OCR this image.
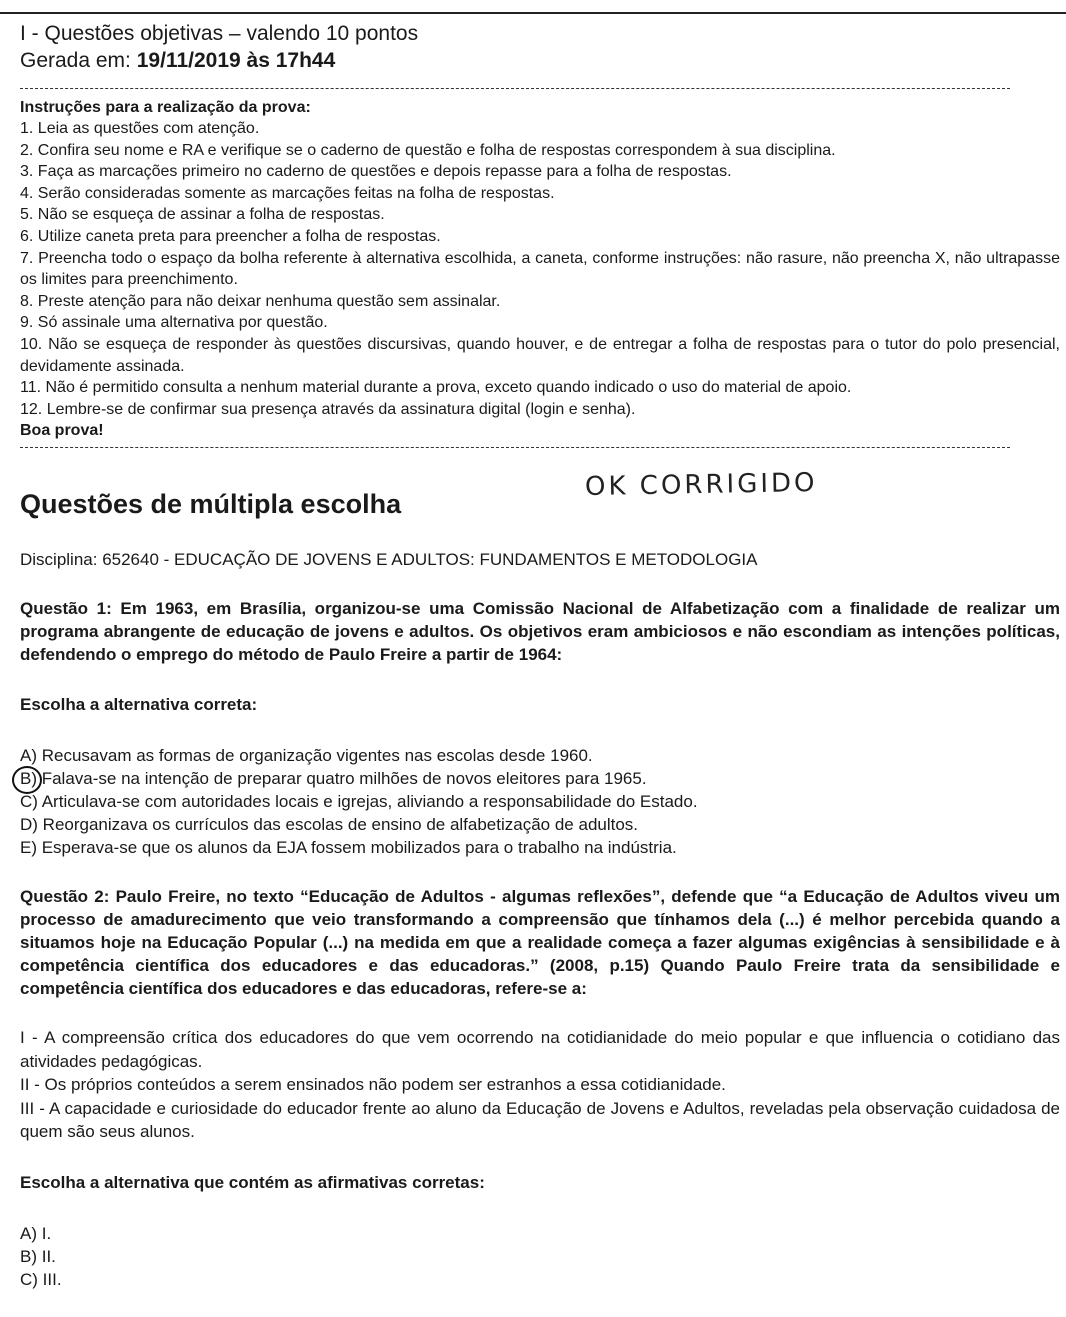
I - Questões objetivas – valendo 10 pontos
Gerada em: 19/11/2019 às 17h44
Instruções para a realização da prova:

1. Leia as questões com atenção.

2. Confira seu nome e RA e verifique se o caderno de questão e folha de respostas correspondem à sua disciplina.

3. Faça as marcações primeiro no caderno de questões e depois repasse para a folha de respostas.

4. Serão consideradas somente as marcações feitas na folha de respostas.

5. Não se esqueça de assinar a folha de respostas.

6. Utilize caneta preta para preencher a folha de respostas.

7. Preencha todo o espaço da bolha referente à alternativa escolhida, a caneta, conforme instruções: não rasure, não preencha X, não ultrapasse os limites para preenchimento.

8. Preste atenção para não deixar nenhuma questão sem assinalar.

9. Só assinale uma alternativa por questão.

10. Não se esqueça de responder às questões discursivas, quando houver, e de entregar a folha de respostas para o tutor do polo presencial, devidamente assinada.

11. Não é permitido consulta a nenhum material durante a prova, exceto quando indicado o uso do material de apoio.

12. Lembre-se de confirmar sua presença através da assinatura digital (login e senha).

Boa prova!
Questões de múltipla escolha
Disciplina: 652640 - EDUCAÇÃO DE JOVENS E ADULTOS: FUNDAMENTOS E METODOLOGIA
Questão 1: Em 1963, em Brasília, organizou-se uma Comissão Nacional de Alfabetização com a finalidade de realizar um programa abrangente de educação de jovens e adultos. Os objetivos eram ambiciosos e não escondiam as intenções políticas, defendendo o emprego do método de Paulo Freire a partir de 1964:
Escolha a alternativa correta:

A) Recusavam as formas de organização vigentes nas escolas desde 1960.

B) Falava-se na intenção de preparar quatro milhões de novos eleitores para 1965.

C) Articulava-se com autoridades locais e igrejas, aliviando a responsabilidade do Estado.

D) Reorganizava os currículos das escolas de ensino de alfabetização de adultos.

E) Esperava-se que os alunos da EJA fossem mobilizados para o trabalho na indústria.

Questão 2: Paulo Freire, no texto “Educação de Adultos - algumas reflexões”, defende que “a Educação de Adultos viveu um processo de amadurecimento que veio transformando a compreensão que tínhamos dela (...) é melhor percebida quando a situamos hoje na Educação Popular (...) na medida em que a realidade começa a fazer algumas exigências à sensibilidade e à competência científica dos educadores e das educadoras.” (2008, p.15) Quando Paulo Freire trata da sensibilidade e competência científica dos educadores e das educadoras, refere-se a:

I - A compreensão crítica dos educadores do que vem ocorrendo na cotidianidade do meio popular e que influencia o cotidiano das atividades pedagógicas.

II - Os próprios conteúdos a serem ensinados não podem ser estranhos a essa cotidianidade.

III - A capacidade e curiosidade do educador frente ao aluno da Educação de Jovens e Adultos, reveladas pela observação cuidadosa de quem são seus alunos.

Escolha a alternativa que contém as afirmativas corretas:

A) I.

B) II.

C) III.

OK CORRIGIDO
